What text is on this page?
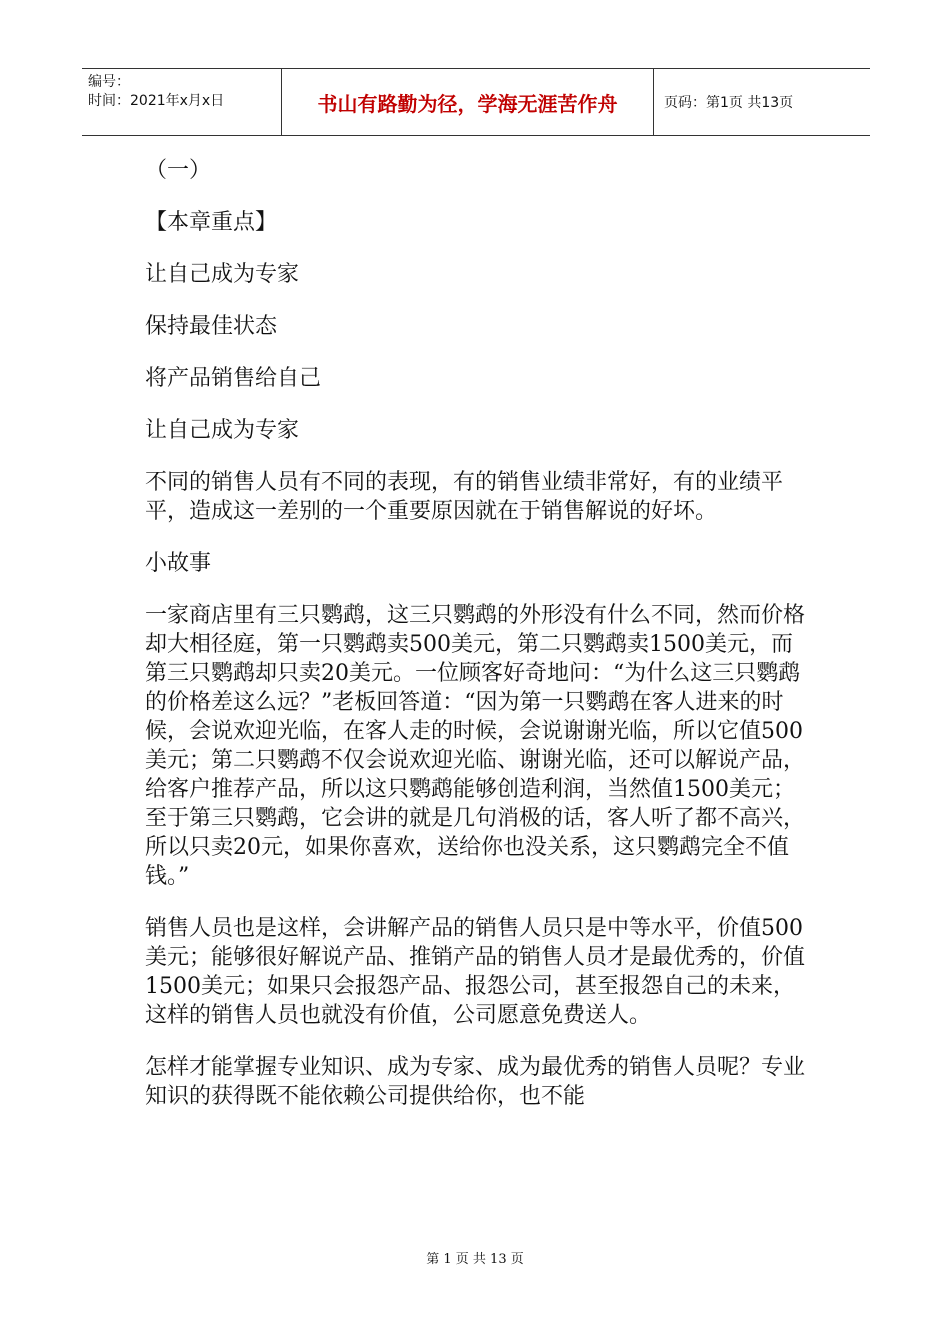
编号：
时间：2021年x月x日	书山有路勤为径，学海无涯苦作舟	页码：第1页 共13页

（一）

【本章重点】

让自己成为专家

保持最佳状态

将产品销售给自己

让自己成为专家

不同的销售人员有不同的表现，有的销售业绩非常好，有的业绩平平，造成这一差别的一个重要原因就在于销售解说的好坏。

小故事

一家商店里有三只鹦鹉，这三只鹦鹉的外形没有什么不同，然而价格却大相径庭，第一只鹦鹉卖500美元，第二只鹦鹉卖1500美元，而第三只鹦鹉却只卖20美元。一位顾客好奇地问：“为什么这三只鹦鹉的价格差这么远？”老板回答道：“因为第一只鹦鹉在客人进来的时候，会说欢迎光临，在客人走的时候，会说谢谢光临，所以它值500美元；第二只鹦鹉不仅会说欢迎光临、谢谢光临，还可以解说产品，给客户推荐产品，所以这只鹦鹉能够创造利润，当然值1500美元；至于第三只鹦鹉，它会讲的就是几句消极的话，客人听了都不高兴，所以只卖20元，如果你喜欢，送给你也没关系，这只鹦鹉完全不值钱。”

销售人员也是这样，会讲解产品的销售人员只是中等水平，价值500美元；能够很好解说产品、推销产品的销售人员才是最优秀的，价值1500美元；如果只会报怨产品、报怨公司，甚至报怨自己的未来，这样的销售人员也就没有价值，公司愿意免费送人。

怎样才能掌握专业知识、成为专家、成为最优秀的销售人员呢？专业知识的获得既不能依赖公司提供给你，也不能

第 1 页 共 13 页
